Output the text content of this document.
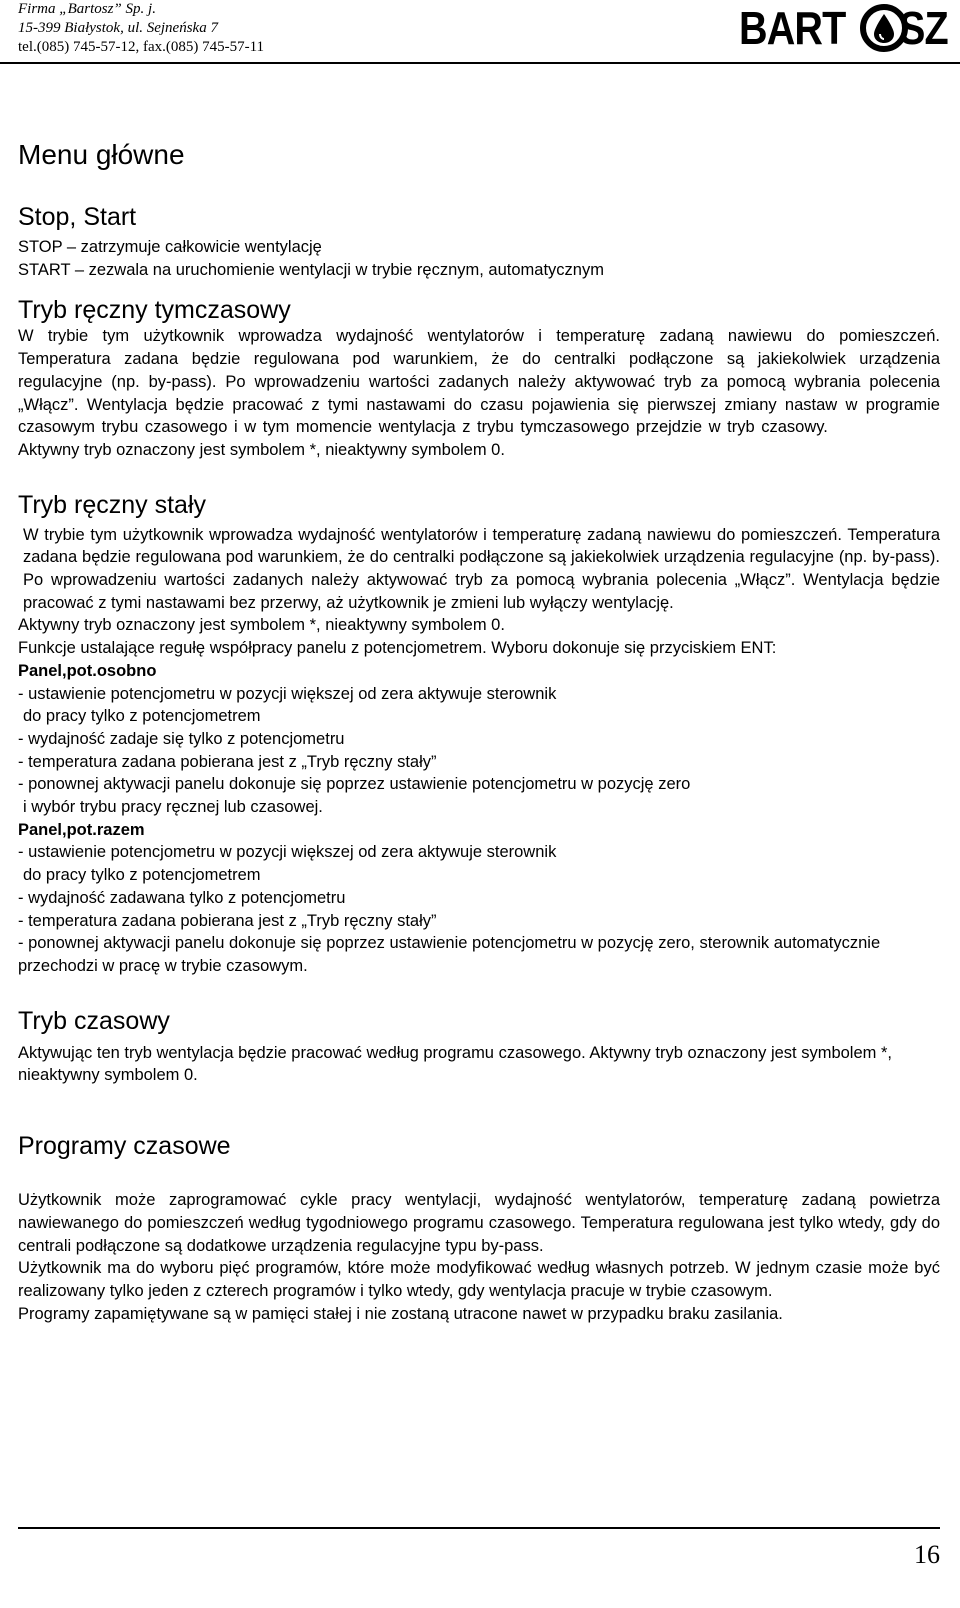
Firma „Bartosz” Sp. j.
15-399 Białystok, ul. Sejneńska 7
tel.(085) 745-57-12, fax.(085) 745-57-11	BART SZ
Menu główne
Stop, Start

STOP – zatrzymuje całkowicie wentylację

START – zezwala na uruchomienie wentylacji w trybie ręcznym, automatycznym

Tryb ręczny tymczasowy

W trybie tym użytkownik wprowadza wydajność wentylatorów i temperaturę zadaną nawiewu do pomieszczeń. Temperatura zadana będzie regulowana pod warunkiem, że do centralki podłączone są jakiekolwiek urządzenia regulacyjne (np. by-pass). Po wprowadzeniu wartości zadanych należy aktywować tryb za pomocą wybrania polecenia „Włącz”. Wentylacja będzie pracować z tymi nastawami do czasu pojawienia się pierwszej zmiany nastaw w programie czasowym trybu czasowego i w tym momencie wentylacja z trybu tymczasowego przejdzie w tryb czasowy.

Aktywny tryb oznaczony jest symbolem *, nieaktywny symbolem 0.

Tryb ręczny stały

W trybie tym użytkownik wprowadza wydajność wentylatorów i temperaturę zadaną nawiewu do pomieszczeń. Temperatura zadana będzie regulowana pod warunkiem, że do centralki podłączone są jakiekolwiek urządzenia regulacyjne (np. by-pass). Po wprowadzeniu wartości zadanych należy aktywować tryb za pomocą wybrania polecenia „Włącz”. Wentylacja będzie pracować z tymi nastawami bez przerwy, aż użytkownik je zmieni lub wyłączy wentylację.

Aktywny tryb oznaczony jest symbolem *, nieaktywny symbolem 0.

Funkcje ustalające regułę współpracy panelu z potencjometrem. Wyboru dokonuje się przyciskiem ENT:

Panel,pot.osobno

- ustawienie potencjometru w pozycji większej od zera aktywuje sterownik

do pracy tylko z potencjometrem

- wydajność zadaje się tylko z potencjometru

- temperatura zadana pobierana jest z „Tryb ręczny stały”

- ponownej aktywacji panelu dokonuje się poprzez ustawienie potencjometru w pozycję zero

i wybór trybu pracy ręcznej lub czasowej.

Panel,pot.razem

- ustawienie potencjometru w pozycji większej od zera aktywuje sterownik

do pracy tylko z potencjometrem

- wydajność zadawana tylko z potencjometru

- temperatura zadana pobierana jest z „Tryb ręczny stały”

- ponownej aktywacji panelu dokonuje się poprzez ustawienie potencjometru w pozycję zero, sterownik automatycznie przechodzi w pracę w trybie czasowym.

Tryb czasowy

Aktywując ten tryb wentylacja będzie pracować według programu czasowego. Aktywny tryb oznaczony jest symbolem *, nieaktywny symbolem 0.

Programy czasowe

Użytkownik może zaprogramować cykle pracy wentylacji, wydajność wentylatorów, temperaturę zadaną powietrza nawiewanego do pomieszczeń według tygodniowego programu czasowego. Temperatura regulowana jest tylko wtedy, gdy do centrali podłączone są dodatkowe urządzenia regulacyjne typu by-pass.

Użytkownik ma do wyboru pięć programów, które może modyfikować według własnych potrzeb. W jednym czasie może być realizowany tylko jeden z czterech programów i tylko wtedy, gdy wentylacja pracuje w trybie czasowym.

Programy zapamiętywane są w pamięci stałej i nie zostaną utracone nawet w przypadku braku zasilania.

16
